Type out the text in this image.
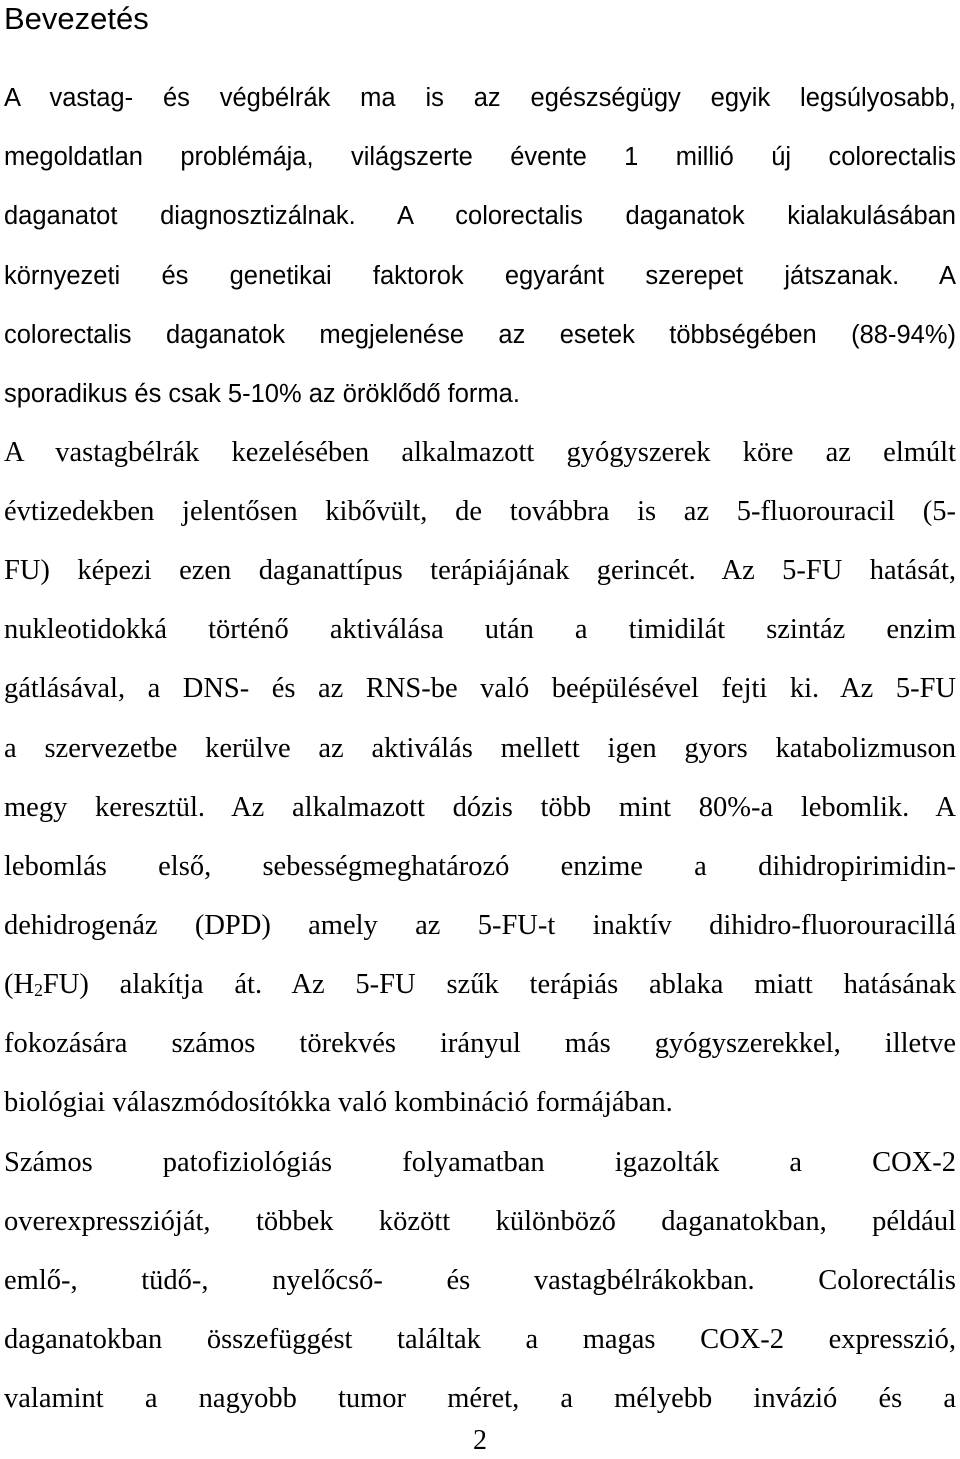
Bevezetés
A vastag- és végbélrák ma is az egészségügy egyik legsúlyosabb,
megoldatlan problémája, világszerte évente 1 millió új colorectalis
daganatot diagnosztizálnak. A colorectalis daganatok kialakulásában
környezeti és genetikai faktorok egyaránt szerepet játszanak. A
colorectalis daganatok megjelenése az esetek többségében (88-94%)
sporadikus és csak 5-10% az öröklődő forma.
A vastagbélrák kezelésében alkalmazott gyógyszerek köre az elmúlt
évtizedekben jelentősen kibővült, de továbbra is az 5-fluorouracil (5-
FU) képezi ezen daganattípus terápiájának gerincét. Az 5-FU hatását,
nukleotidokká történő aktiválása után a timidilát szintáz enzim
gátlásával, a DNS- és az RNS-be való beépülésével fejti ki. Az 5-FU
a szervezetbe kerülve az aktiválás mellett igen gyors katabolizmuson
megy keresztül. Az alkalmazott dózis több mint 80%-a lebomlik. A
lebomlás első, sebességmeghatározó enzime a dihidropirimidin-
dehidrogenáz (DPD) amely az 5-FU-t inaktív dihidro-fluorouracillá
$(H_2FU)$ alakítja át. Az 5-FU szűk terápiás ablaka miatt hatásának
fokozására számos törekvés irányul más gyógyszerekkel, illetve
biológiai válaszmódosítókka való kombináció formájában.
Számos patofiziológiás folyamatban igazolták a COX-2
overexpresszióját, többek között különböző daganatokban, például
emlő-, tüdő-, nyelőcső- és vastagbélrákokban. Colorectális
daganatokban összefüggést találtak a magas COX-2 expresszió,
valamint a nagyobb tumor méret, a mélyebb invázió és a
2
